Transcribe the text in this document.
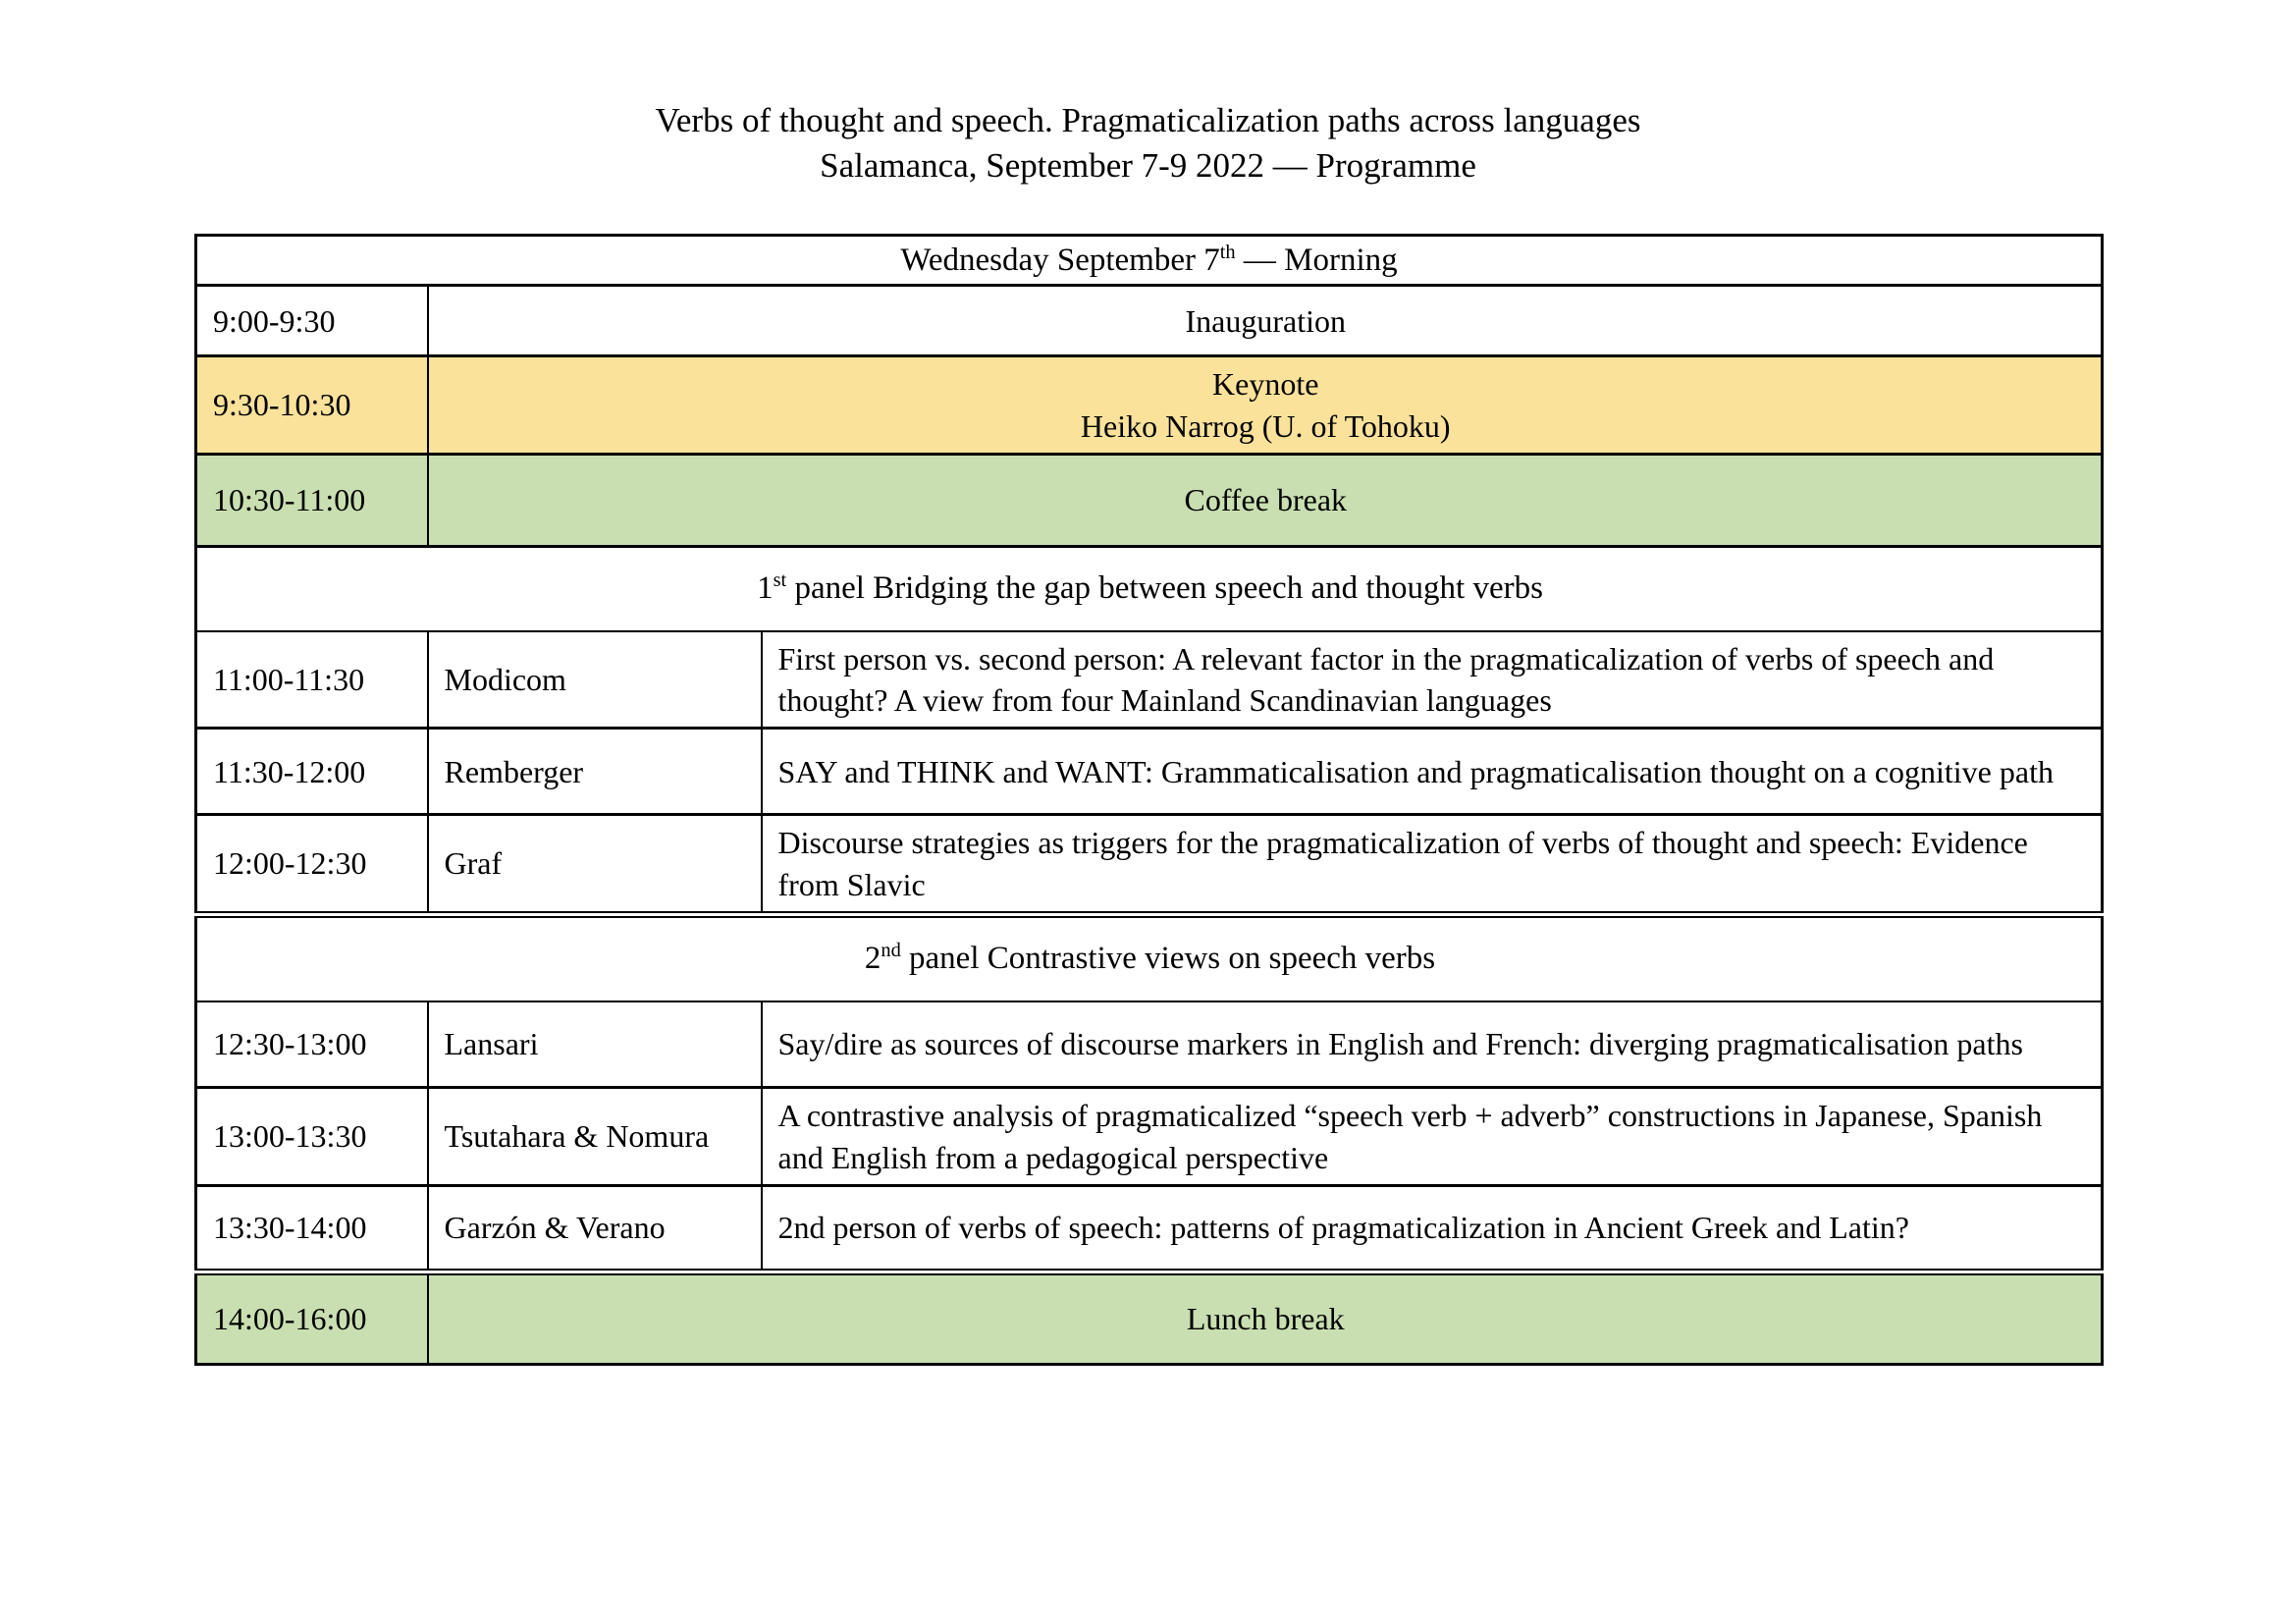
Verbs of thought and speech. Pragmaticalization paths across languages
Salamanca, September 7-9 2022 — Programme
Wednesday September 7th — Morning		
9:00-9:30	Inauguration	
9:30-10:30	Keynote
Heiko Narrog (U. of Tohoku)	

10:30-11:00	Coffee break	
1st panel Bridging the gap between speech and thought verbs		
11:00-11:30	Modicom	First person vs. second person: A relevant factor in the pragmaticalization of verbs of speech and thought? A view from four Mainland Scandinavian languages
11:30-12:00	Remberger	SAY and THINK and WANT: Grammaticalisation and pragmaticalisation thought on a cognitive path
12:00-12:30	Graf	Discourse strategies as triggers for the pragmaticalization of verbs of thought and speech: Evidence from Slavic
2nd panel Contrastive views on speech verbs		
12:30-13:00	Lansari	Say/dire as sources of discourse markers in English and French: diverging pragmaticalisation paths
13:00-13:30	Tsutahara & Nomura	A contrastive analysis of pragmaticalized “speech verb + adverb” constructions in Japanese, Spanish and English from a pedagogical perspective
13:30-14:00	Garzón & Verano	2nd person of verbs of speech: patterns of pragmaticalization in Ancient Greek and Latin?
14:00-16:00	Lunch break	
